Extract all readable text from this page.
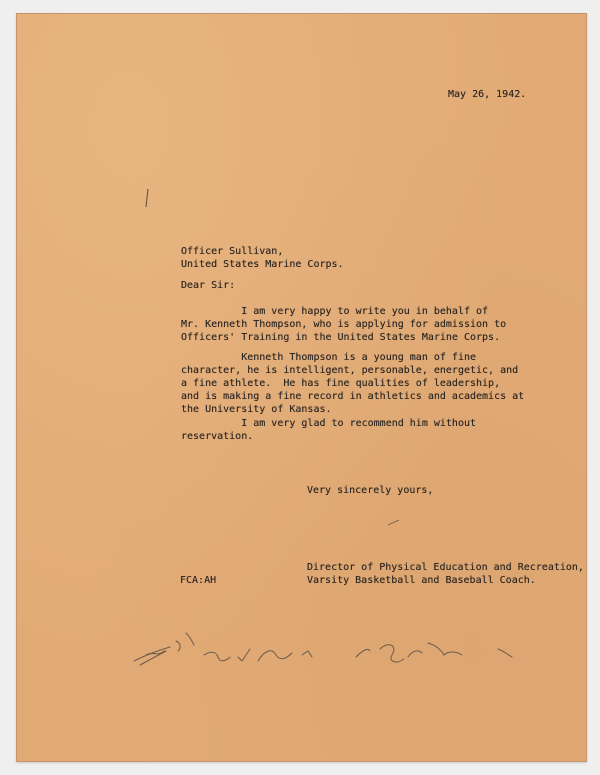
May 26, 1942.
Officer Sullivan,
United States Marine Corps.
Dear Sir:
I am very happy to write you in behalf of
Mr. Kenneth Thompson, who is applying for admission to
Officers' Training in the United States Marine Corps.
Kenneth Thompson is a young man of fine
character, he is intelligent, personable, energetic, and
a fine athlete.  He has fine qualities of leadership,
and is making a fine record in athletics and academics at
the University of Kansas.
I am very glad to recommend him without
reservation.
Very sincerely yours,
Director of Physical Education and Recreation,
Varsity Basketball and Baseball Coach.
FCA:AH
